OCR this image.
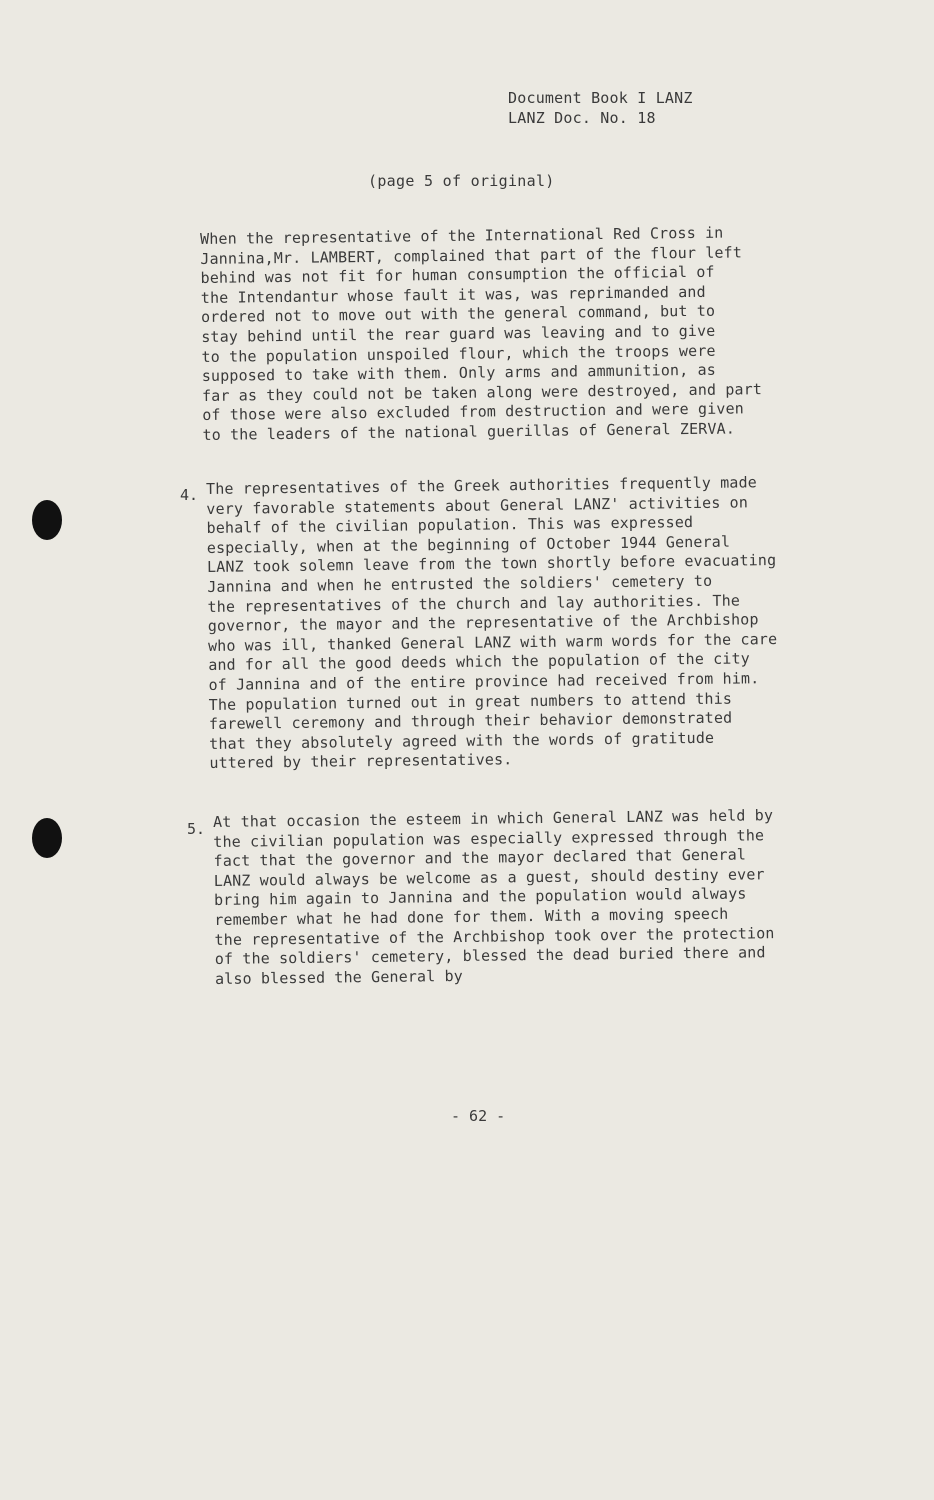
Document Book I LANZ
LANZ Doc. No. 18
(page 5 of original)
When the representative of the International Red Cross in
Jannina,Mr. LAMBERT, complained that part of the flour left
behind was not fit for human consumption the official of
the Intendantur whose fault it was, was reprimanded and
ordered not to move out with the general command, but to
stay behind until the rear guard was leaving and to give
to the population unspoiled flour, which the troops were
supposed to take with them. Only arms and ammunition, as
far as they could not be taken along were destroyed, and part
of those were also excluded from destruction and were given
to the leaders of the national guerillas of General ZERVA.
4. The representatives of the Greek authorities frequently made
very favorable statements about General LANZ' activities on
behalf of the civilian population. This was expressed
especially, when at the beginning of October 1944 General
LANZ took solemn leave from the town shortly before evacuating
Jannina and when he entrusted the soldiers' cemetery to
the representatives of the church and lay authorities. The
governor, the mayor and the representative of the Archbishop
who was ill, thanked General LANZ with warm words for the care
and for all the good deeds which the population of the city
of Jannina and of the entire province had received from him.
The population turned out in great numbers to attend this
farewell ceremony and through their behavior demonstrated
that they absolutely agreed with the words of gratitude
uttered by their representatives.
5. At that occasion the esteem in which General LANZ was held by
the civilian population was especially expressed through the
fact that the governor and the mayor declared that General
LANZ would always be welcome as a guest, should destiny ever
bring him again to Jannina and the population would always
remember what he had done for them. With a moving speech
the representative of the Archbishop took over the protection
of the soldiers' cemetery, blessed the dead buried there and
also blessed the General by
- 62 -
